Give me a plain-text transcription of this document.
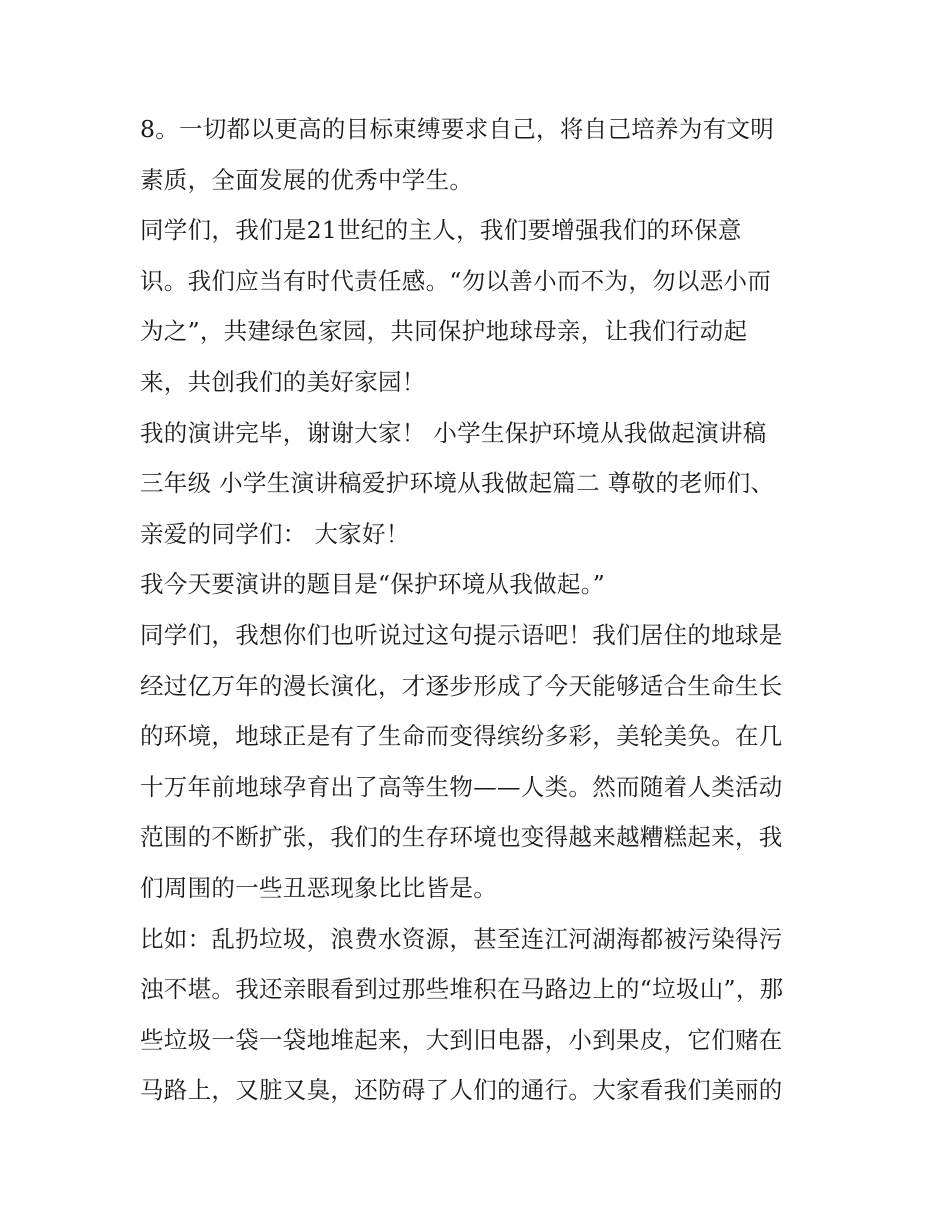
8。一切都以更高的目标束缚要求自己，将自己培养为有文明
素质，全面发展的优秀中学生。

同学们，我们是21世纪的主人，我们要增强我们的环保意
识。我们应当有时代责任感。“勿以善小而不为，勿以恶小而
为之”，共建绿色家园，共同保护地球母亲，让我们行动起
来，共创我们的美好家园！

我的演讲完毕，谢谢大家！ 小学生保护环境从我做起演讲稿
三年级 小学生演讲稿爱护环境从我做起篇二 尊敬的老师们、
亲爱的同学们： 大家好！

我今天要演讲的题目是“保护环境从我做起。”

同学们，我想你们也听说过这句提示语吧！我们居住的地球是
经过亿万年的漫长演化，才逐步形成了今天能够适合生命生长
的环境，地球正是有了生命而变得缤纷多彩，美轮美奂。在几
十万年前地球孕育出了高等生物——人类。然而随着人类活动
范围的不断扩张，我们的生存环境也变得越来越糟糕起来，我
们周围的一些丑恶现象比比皆是。

比如：乱扔垃圾，浪费水资源，甚至连江河湖海都被污染得污
浊不堪。我还亲眼看到过那些堆积在马路边上的“垃圾山”，那
些垃圾一袋一袋地堆起来，大到旧电器，小到果皮，它们赌在
马路上，又脏又臭，还防碍了人们的通行。大家看我们美丽的
